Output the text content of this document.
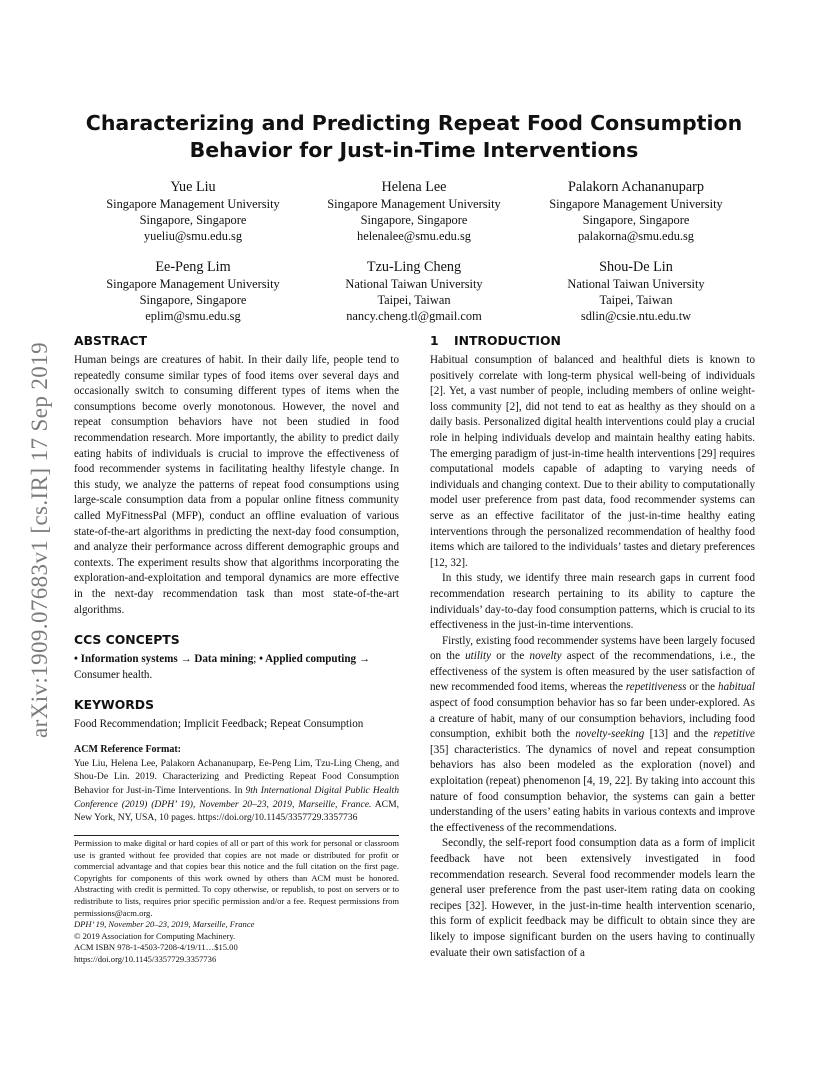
arXiv:1909.07683v1 [cs.IR] 17 Sep 2019
Characterizing and Predicting Repeat Food Consumption
Behavior for Just-in-Time Interventions
Yue Liu
Singapore Management University
Singapore, Singapore
yueliu@smu.edu.sg
Helena Lee
Singapore Management University
Singapore, Singapore
helenalee@smu.edu.sg
Palakorn Achananuparp
Singapore Management University
Singapore, Singapore
palakorna@smu.edu.sg
Ee-Peng Lim
Singapore Management University
Singapore, Singapore
eplim@smu.edu.sg
Tzu-Ling Cheng
National Taiwan University
Taipei, Taiwan
nancy.cheng.tl@gmail.com
Shou-De Lin
National Taiwan University
Taipei, Taiwan
sdlin@csie.ntu.edu.tw
ABSTRACT

Human beings are creatures of habit. In their daily life, people tend to repeatedly consume similar types of food items over several days and occasionally switch to consuming different types of items when the consumptions become overly monotonous. However, the novel and repeat consumption behaviors have not been studied in food recommendation research. More importantly, the ability to predict daily eating habits of individuals is crucial to improve the effectiveness of food recommender systems in facilitating healthy lifestyle change. In this study, we analyze the patterns of repeat food consumptions using large-scale consumption data from a popular online fitness community called MyFitnessPal (MFP), conduct an offline evaluation of various state-of-the-art algorithms in predicting the next-day food consumption, and analyze their performance across different demographic groups and contexts. The experiment results show that algorithms incorporating the exploration-and-exploitation and temporal dynamics are more effective in the next-day recommendation task than most state-of-the-art algorithms.

CCS CONCEPTS

• Information systems → Data mining; • Applied computing → Consumer health.

KEYWORDS

Food Recommendation; Implicit Feedback; Repeat Consumption

ACM Reference Format:

Yue Liu, Helena Lee, Palakorn Achananuparp, Ee-Peng Lim, Tzu-Ling Cheng, and Shou-De Lin. 2019. Characterizing and Predicting Repeat Food Consumption Behavior for Just-in-Time Interventions. In 9th International Digital Public Health Conference (2019) (DPH’ 19), November 20–23, 2019, Marseille, France. ACM, New York, NY, USA, 10 pages. https://doi.org/10.1145/3357729.3357736

Permission to make digital or hard copies of all or part of this work for personal or classroom use is granted without fee provided that copies are not made or distributed for profit or commercial advantage and that copies bear this notice and the full citation on the first page. Copyrights for components of this work owned by others than ACM must be honored. Abstracting with credit is permitted. To copy otherwise, or republish, to post on servers or to redistribute to lists, requires prior specific permission and/or a fee. Request permissions from permissions@acm.org.

DPH’ 19, November 20–23, 2019, Marseille, France

© 2019 Association for Computing Machinery.

ACM ISBN 978-1-4503-7208-4/19/11…$15.00

https://doi.org/10.1145/3357729.3357736

1 INTRODUCTION

Habitual consumption of balanced and healthful diets is known to positively correlate with long-term physical well-being of individuals [2]. Yet, a vast number of people, including members of online weight-loss community [2], did not tend to eat as healthy as they should on a daily basis. Personalized digital health interventions could play a crucial role in helping individuals develop and maintain healthy eating habits. The emerging paradigm of just-in-time health interventions [29] requires computational models capable of adapting to varying needs of individuals and changing context. Due to their ability to computationally model user preference from past data, food recommender systems can serve as an effective facilitator of the just-in-time healthy eating interventions through the personalized recommendation of healthy food items which are tailored to the individuals’ tastes and dietary preferences [12, 32].

In this study, we identify three main research gaps in current food recommendation research pertaining to its ability to capture the individuals’ day-to-day food consumption patterns, which is crucial to its effectiveness in the just-in-time interventions.

Firstly, existing food recommender systems have been largely focused on the utility or the novelty aspect of the recommendations, i.e., the effectiveness of the system is often measured by the user satisfaction of new recommended food items, whereas the repetitiveness or the habitual aspect of food consumption behavior has so far been under-explored. As a creature of habit, many of our consumption behaviors, including food consumption, exhibit both the novelty-seeking [13] and the repetitive [35] characteristics. The dynamics of novel and repeat consumption behaviors has also been modeled as the exploration (novel) and exploitation (repeat) phenomenon [4, 19, 22]. By taking into account this nature of food consumption behavior, the systems can gain a better understanding of the users’ eating habits in various contexts and improve the effectiveness of the recommendations.

Secondly, the self-report food consumption data as a form of implicit feedback have not been extensively investigated in food recommendation research. Several food recommender models learn the general user preference from the past user-item rating data on cooking recipes [32]. However, in the just-in-time health intervention scenario, this form of explicit feedback may be difficult to obtain since they are likely to impose significant burden on the users having to continually evaluate their own satisfaction of a
